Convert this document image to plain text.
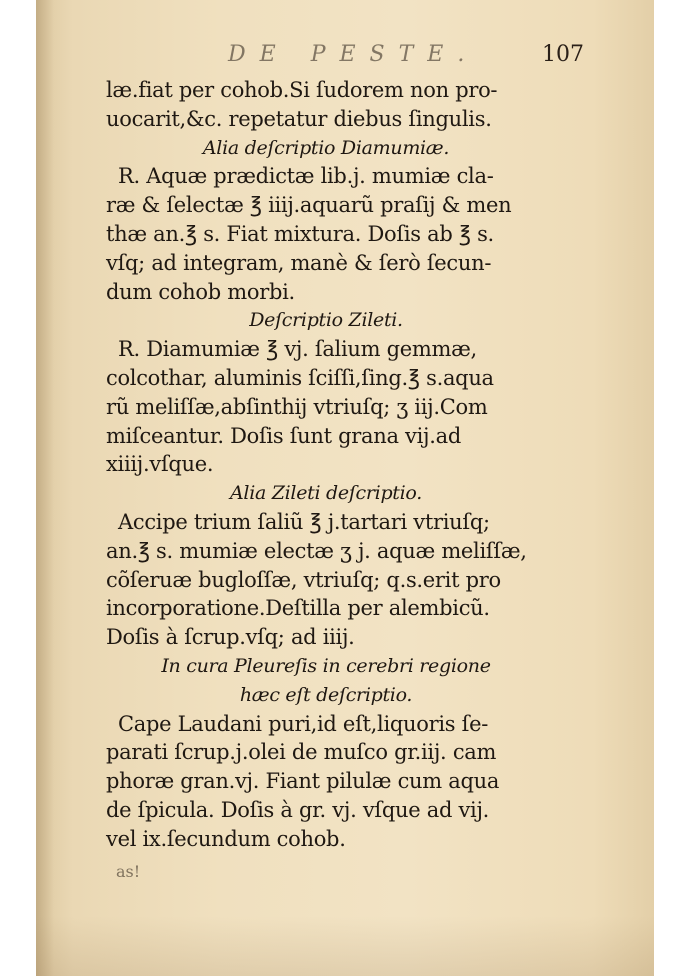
DE PESTE.	107
læ.fiat per cohob.Si ſudorem non pro-
uocarit,&c. repetatur diebus ſingulis.
Alia deſcriptio Diamumiæ.
R. Aquæ prædictæ lib.j. mumiæ cla-
ræ & ſelectæ ℥ iiij.aquarũ praſij & men
thæ an.℥ s. Fiat mixtura. Doſis ab ℥ s.
vſq; ad integram, manè & ſerò ſecun-
dum cohob morbi.
Deſcriptio Zileti.
R. Diamumiæ ℥ vj. ſalium gemmæ,
colcothar, aluminis ſciſſi,ſing.℥ s.aqua
rũ meliſſæ,abſinthij vtriuſq; ʒ iij.Com
miſceantur. Doſis ſunt grana vij.ad
xiiij.vſque.
Alia Zileti deſcriptio.
Accipe trium ſaliũ ℥ j.tartari vtriuſq;
an.℥ s. mumiæ electæ ʒ j. aquæ meliſſæ,
cõſeruæ bugloſſæ, vtriuſq; q.s.erit pro
incorporatione.Deſtilla per alembicũ.
Doſis à ſcrup.vſq; ad iiij.
In cura Pleureſis in cerebri regione
hæc eſt deſcriptio.
Cape Laudani puri,id eſt,liquoris ſe-
parati ſcrup.j.olei de muſco gr.iij. cam
phoræ gran.vj. Fiant pilulæ cum aqua
de ſpicula. Doſis à gr. vj. vſque ad vij.
vel ix.ſecundum cohob.
as!
